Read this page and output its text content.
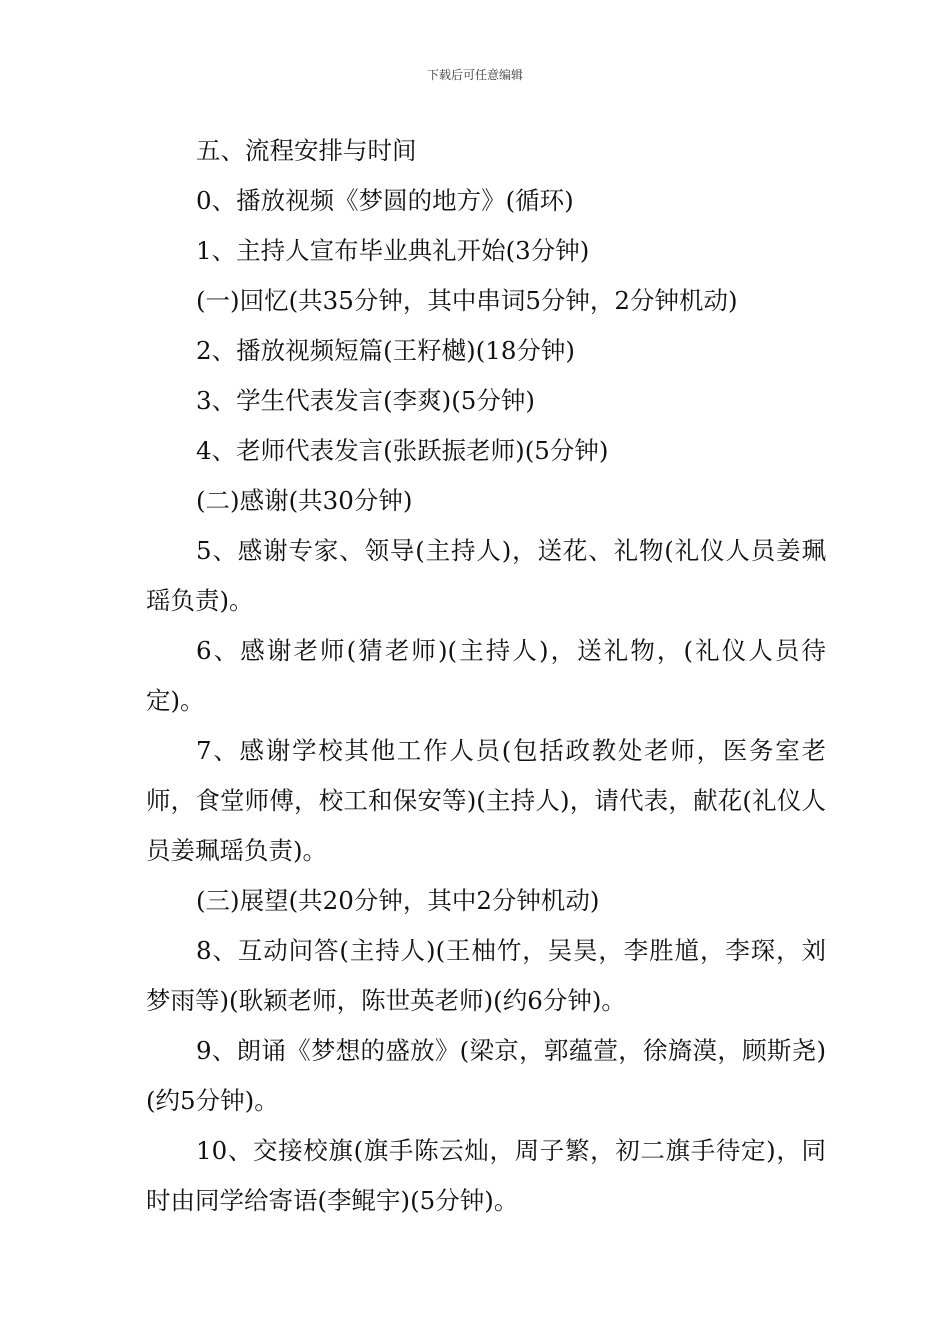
下载后可任意编辑

五、流程安排与时间

0、播放视频《梦圆的地方》(循环)

1、主持人宣布毕业典礼开始(3分钟)

(一)回忆(共35分钟，其中串词5分钟，2分钟机动)

2、播放视频短篇(王籽樾)(18分钟)

3、学生代表发言(李爽)(5分钟)

4、老师代表发言(张跃振老师)(5分钟)

(二)感谢(共30分钟)

5、感谢专家、领导(主持人)，送花、礼物(礼仪人员姜珮瑶负责)。

6、感谢老师(猜老师)(主持人)，送礼物，(礼仪人员待定)。

7、感谢学校其他工作人员(包括政教处老师，医务室老师，食堂师傅，校工和保安等)(主持人)，请代表，献花(礼仪人员姜珮瑶负责)。

(三)展望(共20分钟，其中2分钟机动)

8、互动问答(主持人)(王柚竹，吴昊，李胜馗，李琛，刘梦雨等)(耿颖老师，陈世英老师)(约6分钟)。

9、朗诵《梦想的盛放》(梁京，郭蕴萱，徐旖漠，顾斯尧)(约5分钟)。

10、交接校旗(旗手陈云灿，周子繁，初二旗手待定)，同时由同学给寄语(李鲲宇)(5分钟)。
